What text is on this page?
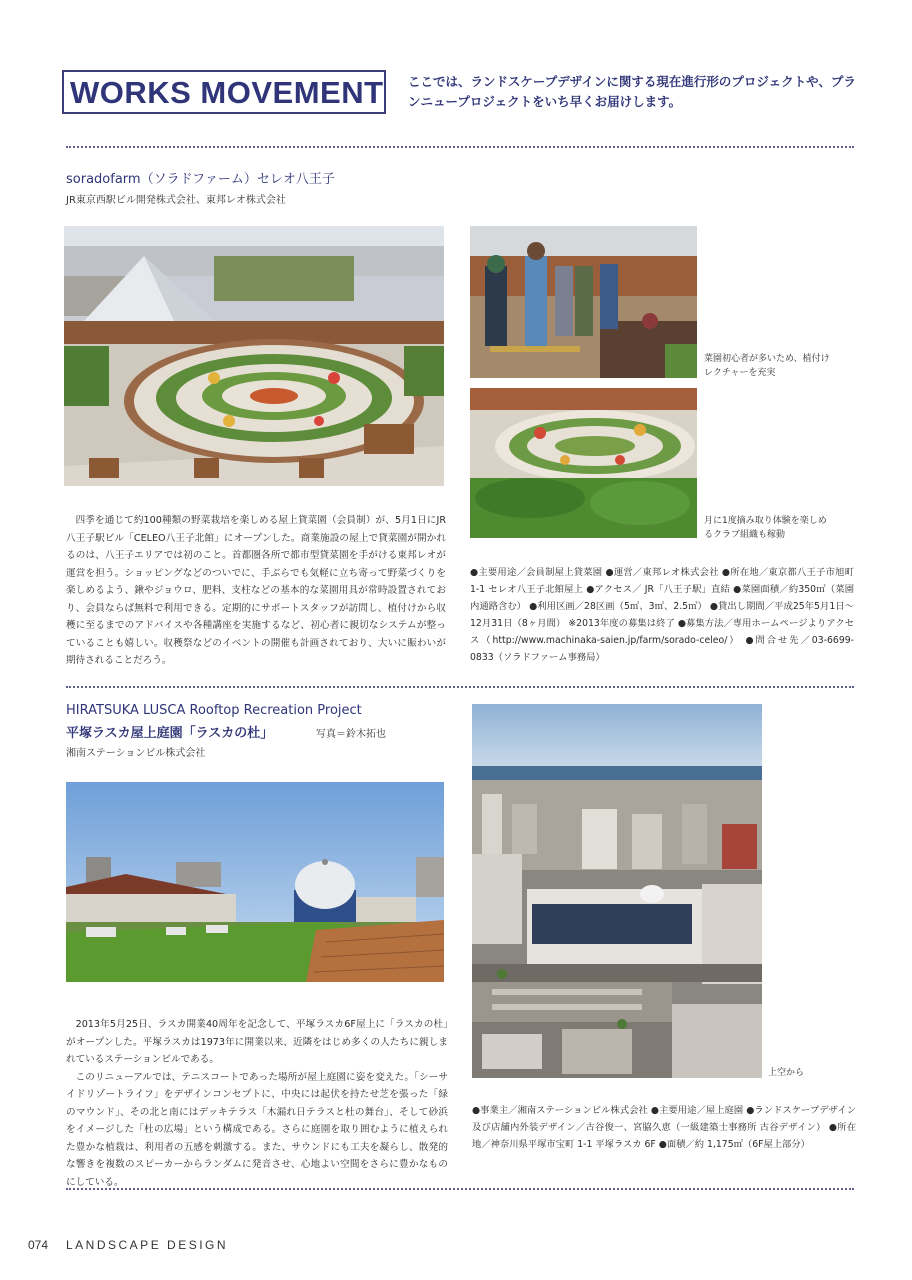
WORKS MOVEMENT ここでは、ランドスケープデザインに関する現在進行形のプロジェクトや、プランニュープロジェクトをいち早くお届けします。
soradofarm（ソラドファーム）セレオ八王子
JR東京西駅ビル開発株式会社、東邦レオ株式会社
菜園初心者が多いため、植付けレクチャーを充実
月に1度摘み取り体験を楽しめるクラブ組織も稼動

四季を通じて約100種類の野菜栽培を楽しめる屋上貸菜園（会員制）が、5月1日にJR八王子駅ビル「CELEO八王子北館」にオープンした。商業施設の屋上で貸菜園が開かれるのは、八王子エリアでは初のこと。首都圏各所で都市型貸菜園を手がける東邦レオが運営を担う。ショッピングなどのついでに、手ぶらでも気軽に立ち寄って野菜づくりを楽しめるよう、鍬やジョウロ、肥料、支柱などの基本的な菜園用具が常時設置されており、会員ならば無料で利用できる。定期的にサポートスタッフが訪問し、植付けから収穫に至るまでのアドバイスや各種講座を実施するなど、初心者に親切なシステムが整っていることも嬉しい。収穫祭などのイベントの開催も計画されており、大いに賑わいが期待されることだろう。

●主要用途／会員制屋上貸菜園 ●運営／東邦レオ株式会社 ●所在地／東京都八王子市旭町 1-1 セレオ八王子北館屋上 ●アクセス／ JR「八王子駅」直結 ●菜園面積／約350㎡（菜園内通路含む） ●利用区画／28区画（5㎡、3㎡、2.5㎡） ●貸出し期間／平成25年5月1日〜12月31日（8ヶ月間） ※2013年度の募集は終了 ●募集方法／専用ホームページよりアクセス（http://www.machinaka-saien.jp/farm/sorado-celeo/） ●問合せ先／03-6699-0833（ソラドファーム事務局）
HIRATSUKA LUSCA Rooftop Recreation Project
平塚ラスカ屋上庭園「ラスカの杜」	写真＝鈴木拓也
湘南ステーションビル株式会社
上空から

2013年5月25日、ラスカ開業40周年を記念して、平塚ラスカ6F屋上に「ラスカの杜」がオープンした。平塚ラスカは1973年に開業以来、近隣をはじめ多くの人たちに親しまれているステーションビルである。

このリニューアルでは、テニスコートであった場所が屋上庭園に姿を変えた。「シーサイドリゾートライフ」をデザインコンセプトに、中央には起伏を持たせ芝を張った「緑のマウンド」、その北と南にはデッキテラス「木漏れ日テラスと杜の舞台」、そして砂浜をイメージした「杜の広場」という構成である。さらに庭園を取り囲むように植えられた豊かな植栽は、利用者の五感を刺激する。また、サウンドにも工夫を凝らし、散発的な響きを複数のスピーカーからランダムに発音させ、心地よい空間をさらに豊かなものにしている。

●事業主／湘南ステーションビル株式会社 ●主要用途／屋上庭園 ●ランドスケープデザイン及び店舗内外装デザイン／古谷俊一、宮脇久恵（一級建築士事務所 古谷デザイン） ●所在地／神奈川県平塚市宝町 1-1 平塚ラスカ 6F ●面積／約 1,175㎡（6F屋上部分）
074 LANDSCAPE DESIGN
